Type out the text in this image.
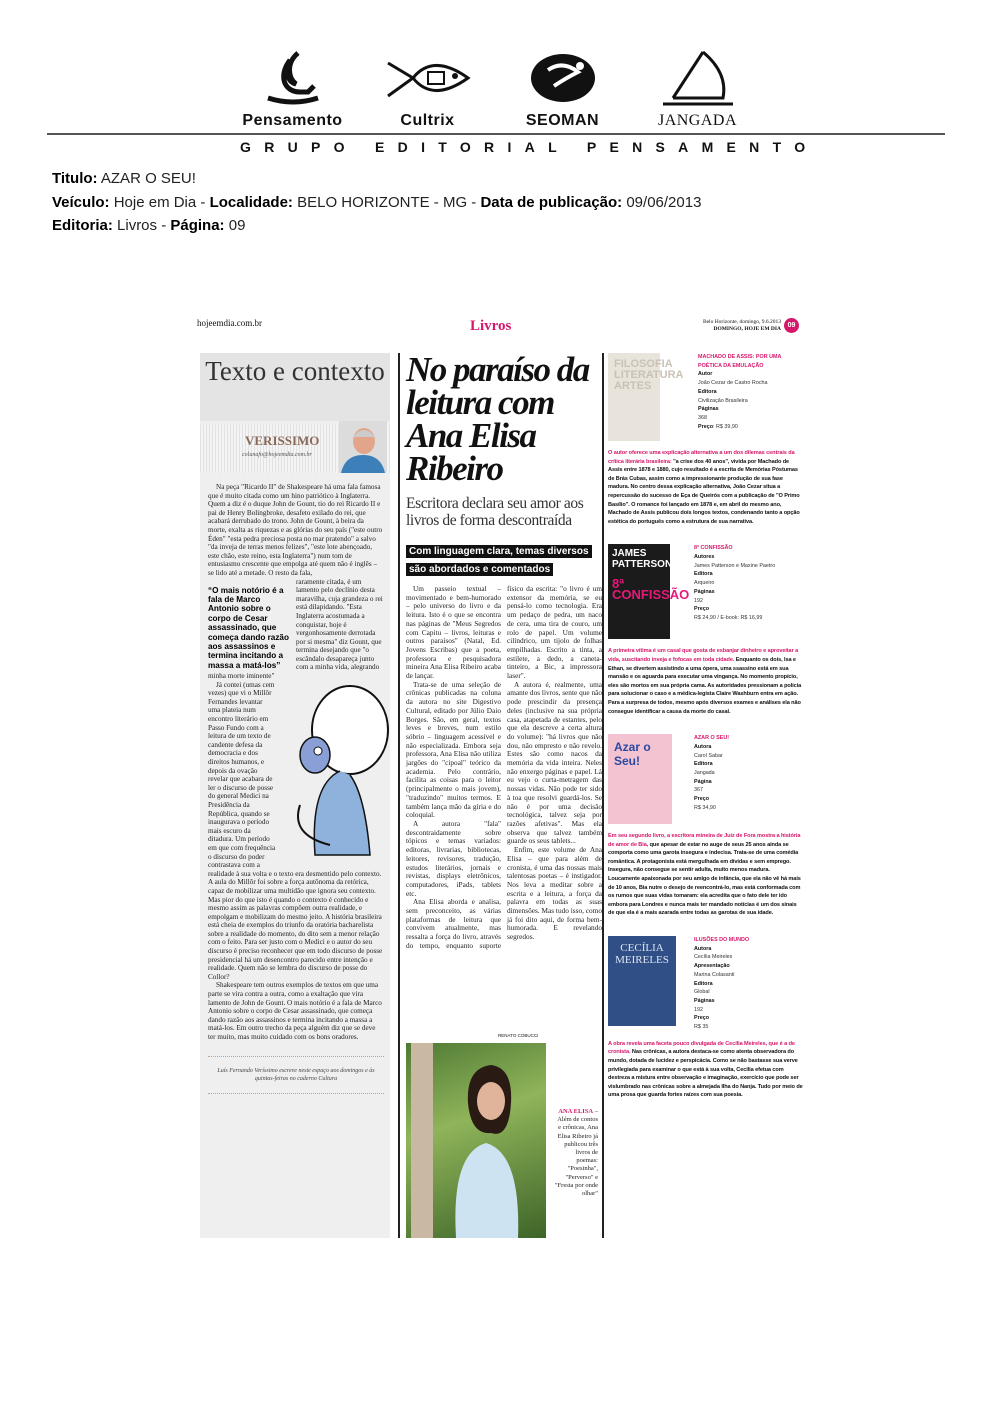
Pensamento	Cultrix	SEOMAN	JANGADA
GRUPO EDITORIAL PENSAMENTO
Titulo: AZAR O SEU!
Veículo: Hoje em Dia - Localidade: BELO HORIZONTE - MG - Data de publicação: 09/06/2013
Editoria: Livros - Página: 09
hojeemdia.com.br	Livros	Belo Horizonte, domingo, 9.6.2013
DOMINGO, HOJE EM DIA 09
Texto e contexto
VERISSIMO
colunafo@hojeemdia.com.br

Na peça "Ricardo II" de Shakespeare há uma fala famosa que é muito citada como um hino patriótico à Inglaterra. Quem a diz é o duque John de Gount, tio do rei Ricardo II e pai de Henry Bolingbroke, desafeto exilado do rei, que acabará derrubado do trono. John de Gount, à beira da morte, exalta as riquezas e as glórias do seu país ("este outro Éden" "esta pedra preciosa posta no mar pratendo" a salvo "da inveja de terras menos felizes", "este lote abençoado, este chão, este reino, esta Inglaterra") num tom de entusiasmo crescente que empolga até quem não é inglês – se lido até a metade. O resto da fala,

“O mais notório é a fala de Marco Antonio sobre o corpo de Cesar assassinado, que começa dando razão aos assassinos e termina incitando a massa a matá-los”

raramente citada, é um lamento pelo declínio desta maravilha, cuja grandeza o rei está dilapidando. "Esta Inglaterra acostumada a conquistar, hoje é vergonhosamente derrotada por si mesma" diz Gount, que termina desejando que "o escândalo desapareça junto com a minha vida, alegrando minha morte iminente"

Já contei (umas cem vezes) que vi o Millôr Fernandes levantar uma plateia num encontro literário em Passo Fundo com a leitura de um texto de candente defesa da democracia e dos direitos humanos, e depois da ovação revelar que acabara de ler o discurso de posse do general Medici na Presidência da República, quando se inaugurava o período mais escuro da ditadura. Um período em que com frequência o discurso do poder contrastava com a realidade à sua volta e o texto era desmentido pelo contexto. A aula do Millôr foi sobre a força autônoma da retórica, capaz de mobilizar uma multidão que ignora seu contexto. Mas pior do que isto é quando o contexto é conhecido e mesmo assim as palavras compõem outra realidade, e empolgam e mobilizam do mesmo jeito. A história brasileira está cheia de exemplos do triunfo da oratória bacharelista sobre a realidade do momento, do dito sem a menor relação com o feito. Para ser justo com o Medici e o autor do seu discurso é preciso reconhecer que em todo discurso de posse presidencial há um desencontro parecido entre intenção e realidade. Quem não se lembra do discurso de posse do Collor?

Shakespeare tem outros exemplos de textos em que uma parte se vira contra a outra, como a exaltação que vira lamento de John de Gount. O mais notório é a fala de Marco Antonio sobre o corpo de Cesar assassinado, que começa dando razão aos assassinos e termina incitando a massa a matá-los. Em outro trecho da peça alguém diz que se deve ter muito, mas muito cuidado com os bons oradores.

Luís Fernando Veríssimo escreve neste espaço aos domingos e às quintas-feiras no caderno Cultura
No paraíso da leitura com Ana Elisa Ribeiro
Escritora declara seu amor aos livros de forma descontraída
Com linguagem clara, temas diversos são abordados e comentados

Um passeio textual – movimentado e bem-humorado – pelo universo do livro e da leitura. Isto é o que se encontra nas páginas de "Meus Segredos com Capitu – livros, leituras e outros paraísos" (Natal, Ed. Jovens Escribas) que a poeta, professora e pesquisadora mineira Ana Elisa Ribeiro acaba de lançar.

Trata-se de uma seleção de crônicas publicadas na coluna da autora no site Digestivo Cultural, editado por Júlio Daio Borges. São, em geral, textos leves e breves, num estilo sóbrio – linguagem acessível e não especializada. Embora seja professora, Ana Elisa não utiliza jargões do "cipoal" teórico da academia. Pelo contrário, facilita as coisas para o leitor (principalmente o mais jovem), "traduzindo" muitos termos. E também lança mão da gíria e do coloquial.

A autora "fala" descontraidamente sobre tópicos e temas variados: editoras, livrarias, bibliotecas, leitores, revisores, tradução, estudos literários, jornais e revistas, displays eletrônicos, computadores, iPads, tablets etc.

Ana Elisa aborda e analisa, sem preconceito, as várias plataformas de leitura que convivem atualmente, mas ressalta a força do livro, através do tempo, enquanto suporte físico da escrita: "o livro é um extensor da memória, se eu pensá-lo como tecnologia. Era um pedaço de pedra, um naco de cera, uma tira de couro, um rolo de papel. Um volume cilíndrico, um tijolo de folhas empilhadas. Escrito a tinta, a estilete, a dedo, a caneta-tinteiro, a Bic, a impressora laser".

A autora é, realmente, uma amante dos livros, sente que não pode prescindir da presença deles (inclusive na sua própria casa, atapetada de estantes, pelo que ela descreve a certa altura do volume): "há livros que não dou, não empresto e não revelo. Estes são como nacos da memória da vida inteira. Neles não enxergo páginas e papel. Lá eu vejo o curta-metragem das nossas vidas. Não pode ter sido à toa que resolvi guardá-los. Se não é por uma decisão tecnológica, talvez seja por razões afetivas". Mas ela observa que talvez também guarde os seus tablets...

Enfim, este volume de Ana Elisa – que para além de cronista, é uma das nossas mais talentosas poetas – é instigador. Nos leva a meditar sobre a escrita e a leitura, a força da palavra em todas as suas dimensões. Mas tudo isso, como já foi dito aqui, de forma bem-humorada. E revelando segredos.

ANA ELISA – Além de contos e crônicas, Ana Elisa Ribeiro já publicou três livros de poemas: "Poesinha", "Perverso" e "Fresta por onde olhar"
RENATO COBUCCI
FILOSOFIA LITERATURA ARTES
MACHADO DE ASSIS: POR UMA POÉTICA DA EMULAÇÃO
Autor
João Cezar de Castro Rocha
Editora
Civilização Brasileira
Páginas
368
Preço: R$ 39,90
O autor oferece uma explicação alternativa a um dos dilemas centrais da crítica literária brasileira: "a crise dos 40 anos", vivida por Machado de Assis entre 1878 e 1880, cujo resultado é a escrita de Memórias Póstumas de Brás Cubas, assim como a impressionante produção de sua fase madura. No centro dessa explicação alternativa, João Cezar situa a repercussão do sucesso de Eça de Queirós com a publicação de "O Primo Basílio". O romance foi lançado em 1878 e, em abril do mesmo ano, Machado de Assis publicou dois longos textos, condenando tanto a opção estética do português como a estrutura de sua narrativa.
JAMES PATTERSON
8ª CONFISSÃO
8ª CONFISSÃO
Autores
James Patterson e Maxine Paetro
Editora
Arqueiro
Páginas
192
Preço
R$ 24,90 / E-book: R$ 16,99
A primeira vítima é um casal que gosta de esbanjar dinheiro e aproveitar a vida, suscitando inveja e fofocas em toda cidade. Enquanto os dois, Isa e Ethan, se divertem assistindo a uma ópera, uma ssassino está em sua mansão e os aguarda para executar uma vingança. No momento propício, eles são mortos em sua própria cama. As autoridades pressionam a polícia para solucionar o caso e a médica-legista Claire Washburn entra em ação. Para a surpresa de todos, mesmo após diversos exames e análises ela não consegue identificar a causa da morte do casal.
Azar o Seu!
AZAR O SEU!
Autora
Carol Sabar
Editora
Jangada
Página
367
Preço
R$ 34,90
Em seu segundo livro, a escritora mineira de Juiz de Fora mostra a história de amor de Bia, que apesar de estar no auge de seus 25 anos ainda se comporta como uma garota insegura e indecisa. Trata-se de uma comédia romântica. A protagonista está mergulhada em dívidas e sem emprego. Insegura, não consegue se sentir adulta, muito menos madura. Loucamente apaixonada por seu amigo de infância, que ela não vê há mais de 10 anos, Bia nutre o desejo de reencontrá-lo, mas está conformada com os rumos que suas vidas tomaram: ela acredita que o fato dele ter ido embora para Londres e nunca mais ter mandado notícias é um dos sinais de que ela é a mais azarada entre todas as garotas de sua idade.
CECÍLIA MEIRELES
ILUSÕES DO MUNDO
Autora
Cecília Meireles
Apresentação
Marina Colasanti
Editora
Global
Páginas
192
Preço
R$ 35
A obra revela uma faceta pouco divulgada de Cecília Meireles, que é a de cronista. Nas crônicas, a autora destaca-se como atenta observadora do mundo, dotada de lucidez e perspicácia. Como se não bastasse sua verve privilegiada para examinar o que está à sua volta, Cecília efetua com destreza a mistura entre observação e imaginação, exercício que pode ser vislumbrado nas crônicas sobre a almejada Ilha do Nanja. Tudo por meio de uma prosa que guarda fortes raízes com sua poesia.
